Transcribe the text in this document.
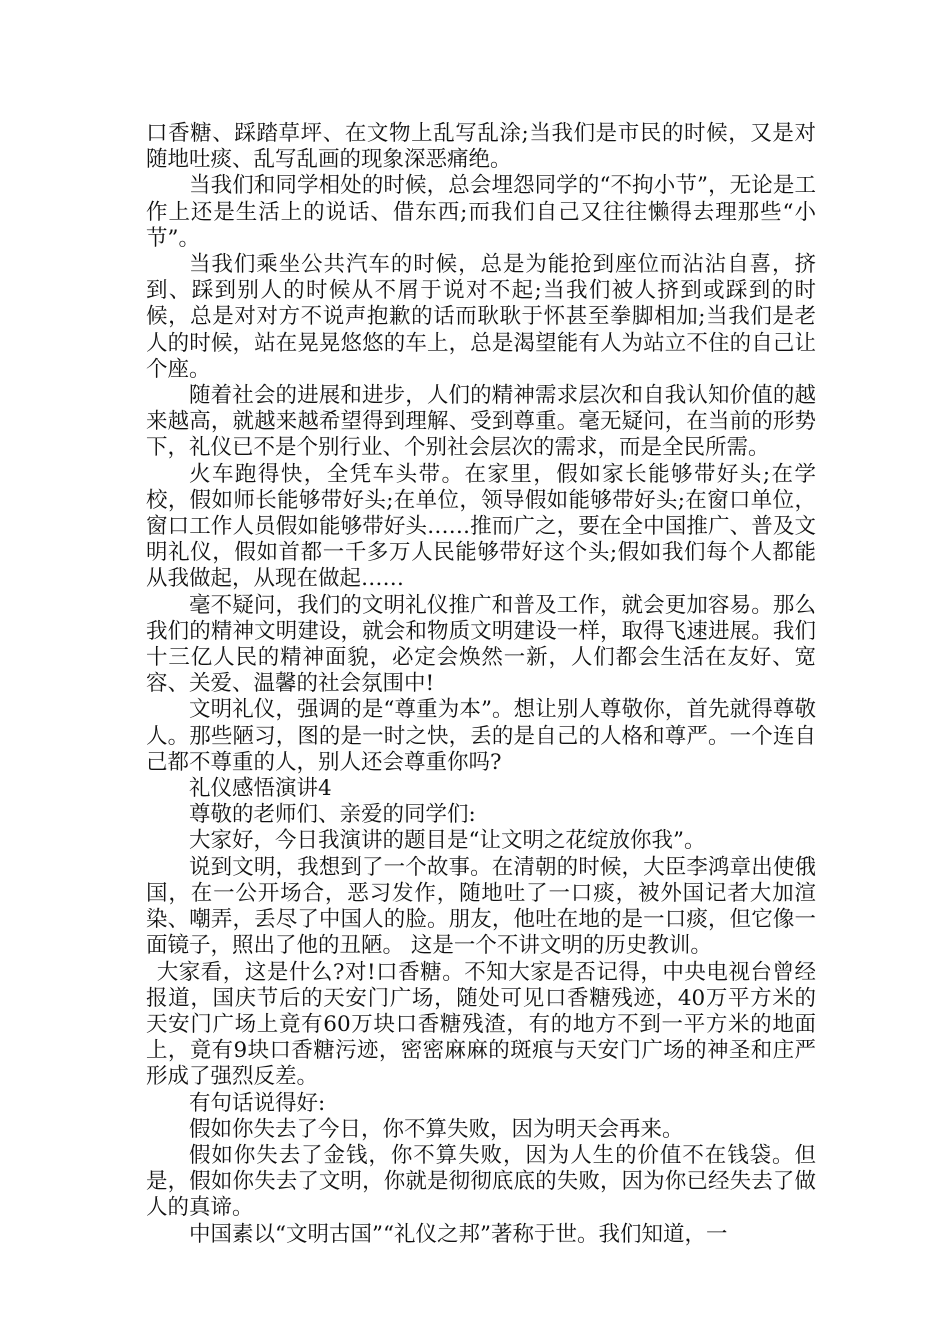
口香糖、踩踏草坪、在文物上乱写乱涂;当我们是市民的时候，又是对随地吐痰、乱写乱画的现象深恶痛绝。

当我们和同学相处的时候，总会埋怨同学的“不拘小节”，无论是工作上还是生活上的说话、借东西;而我们自己又往往懒得去理那些“小节”。

当我们乘坐公共汽车的时候，总是为能抢到座位而沾沾自喜，挤到、踩到别人的时候从不屑于说对不起;当我们被人挤到或踩到的时候，总是对对方不说声抱歉的话而耿耿于怀甚至拳脚相加;当我们是老人的时候，站在晃晃悠悠的车上，总是渴望能有人为站立不住的自己让个座。

随着社会的进展和进步，人们的精神需求层次和自我认知价值的越来越高，就越来越希望得到理解、受到尊重。毫无疑问，在当前的形势下，礼仪已不是个别行业、个别社会层次的需求，而是全民所需。

火车跑得快，全凭车头带。在家里，假如家长能够带好头;在学校，假如师长能够带好头;在单位，领导假如能够带好头;在窗口单位，窗口工作人员假如能够带好头……推而广之，要在全中国推广、普及文明礼仪，假如首都一千多万人民能够带好这个头;假如我们每个人都能从我做起，从现在做起……

毫不疑问，我们的文明礼仪推广和普及工作，就会更加容易。那么我们的精神文明建设，就会和物质文明建设一样，取得飞速进展。我们十三亿人民的精神面貌，必定会焕然一新，人们都会生活在友好、宽容、关爱、温馨的社会氛围中!

文明礼仪，强调的是“尊重为本”。想让别人尊敬你，首先就得尊敬人。那些陋习，图的是一时之快，丢的是自己的人格和尊严。一个连自己都不尊重的人，别人还会尊重你吗?

礼仪感悟演讲4

尊敬的老师们、亲爱的同学们:

大家好，今日我演讲的题目是“让文明之花绽放你我”。

说到文明，我想到了一个故事。在清朝的时候，大臣李鸿章出使俄国，在一公开场合，恶习发作，随地吐了一口痰，被外国记者大加渲染、嘲弄，丢尽了中国人的脸。朋友，他吐在地的是一口痰，但它像一面镜子，照出了他的丑陋。 这是一个不讲文明的历史教训。

大家看，这是什么?对!口香糖。不知大家是否记得，中央电视台曾经报道，国庆节后的天安门广场，随处可见口香糖残迹，40万平方米的天安门广场上竟有60万块口香糖残渣，有的地方不到一平方米的地面上，竟有9块口香糖污迹，密密麻麻的斑痕与天安门广场的神圣和庄严形成了强烈反差。

有句话说得好:

假如你失去了今日，你不算失败，因为明天会再来。

假如你失去了金钱，你不算失败，因为人生的价值不在钱袋。但是，假如你失去了文明，你就是彻彻底底的失败，因为你已经失去了做人的真谛。

中国素以“文明古国”“礼仪之邦”著称于世。我们知道，一
